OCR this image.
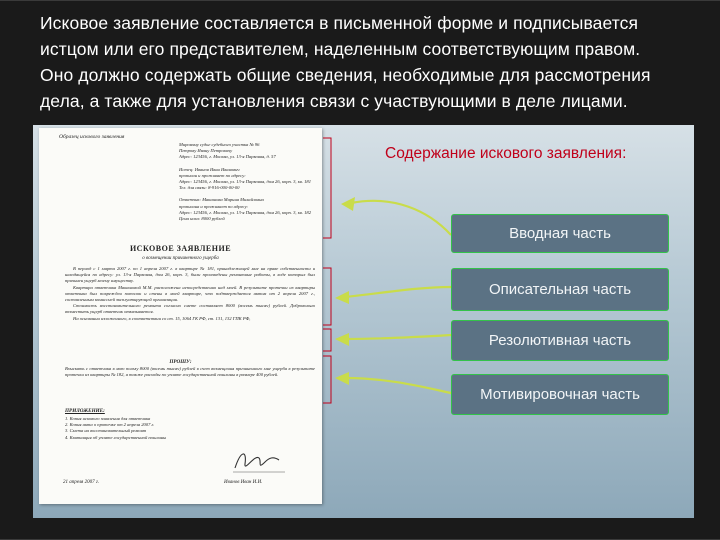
Исковое заявление составляется в письменной форме и подписывается
истцом или его представителем, наделенным соответствующим правом.
Оно должно содержать общие сведения, необходимые для рассмотрения
дела, а также для установления связи с участвующими в деле лицами.
Образец искового заявления

Мировому судье судебного участка № 96

Петрову Ивану Петровичу

Адрес: 123456, г. Москва, ул. 13-я Парковая, д. 57

Истец: Иванов Иван Иванович

прописан и проживает по адресу:

Адрес: 123456, г. Москва, ул. 13-я Парковая, дом 26, корп. 3, кв. 181

Тел. для связи: 8-916-000-00-00

Ответчик: Макашова Марина Михайловна

прописана и проживает по адресу:

Адрес: 123456, г. Москва, ул. 13-я Парковая, дом 26, корп. 3, кв. 182

Цена иска: 8000 рублей

ИСКОВОЕ ЗАЯВЛЕНИЕ
о возмещении причиненного ущерба

В период с 1 марта 2007 г. по 1 апреля 2007 г. в квартире № 181, принадлежащей мне на праве собственности и находящейся по адресу: ул. 13-я Парковая, дом 26, корп. 3, были произведены ремонтные работы, в ходе которых был причинен ущерб моему имуществу.

Квартира ответчика Макашовой М.М. расположена непосредственно над моей. В результате протечки из квартиры ответчика был поврежден потолок и стены в моей квартире, что подтверждается актом от 2 апреля 2007 г., составленным комиссией эксплуатирующей организации.

Стоимость восстановительного ремонта согласно смете составляет 8000 (восемь тысяч) рублей. Добровольно возместить ущерб ответчик отказывается.

На основании изложенного, в соответствии со ст. 15, 1064 ГК РФ, ст. 131, 132 ГПК РФ,

ПРОШУ:
Взыскать с ответчика в мою пользу 8000 (восемь тысяч) рублей в счет возмещения причиненного мне ущерба в результате протечки из квартиры № 182, а также расходы по уплате государственной пошлины в размере 400 рублей.
ПРИЛОЖЕНИЕ:

1. Копия искового заявления для ответчика

2. Копия акта о протечке от 2 апреля 2007 г.

3. Смета на восстановительный ремонт

4. Квитанция об уплате государственной пошлины

21 апреля 2007 г.	Иванов Иван И.И.
Содержание искового заявления:
Вводная часть
Описательная часть
Резолютивная часть
Мотивировочная часть
